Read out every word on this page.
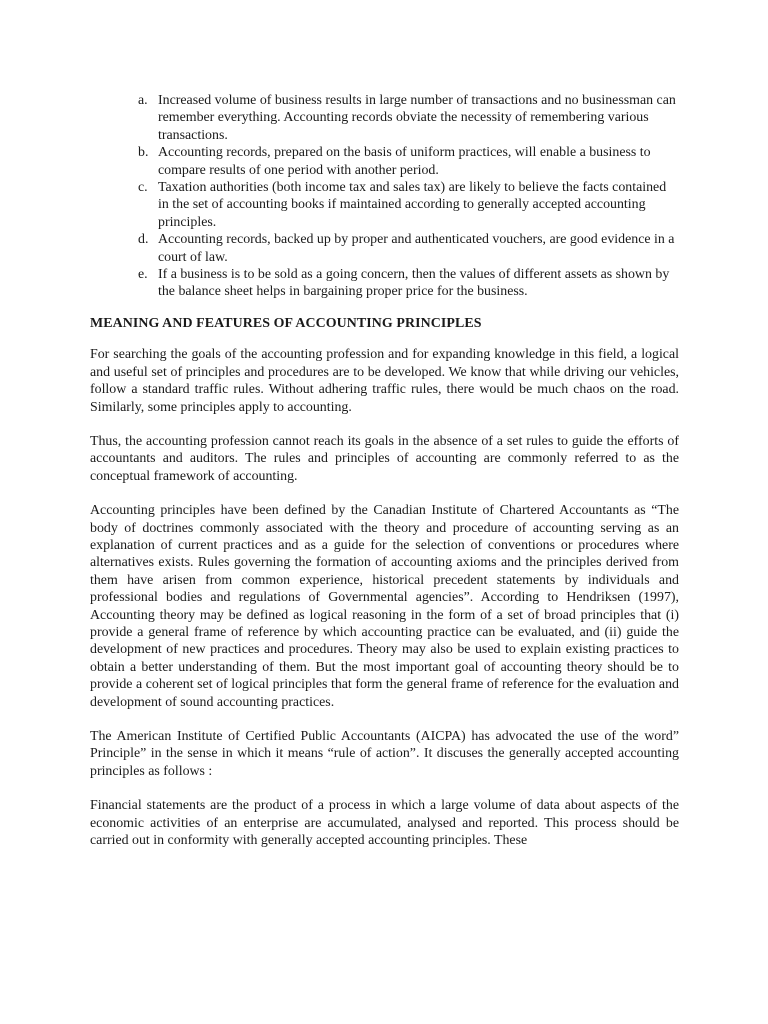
a. Increased volume of business results in large number of transactions and no businessman can remember everything. Accounting records obviate the necessity of remembering various transactions.
b. Accounting records, prepared on the basis of uniform practices, will enable a business to compare results of one period with another period.
c. Taxation authorities (both income tax and sales tax) are likely to believe the facts contained in the set of accounting books if maintained according to generally accepted accounting principles.
d. Accounting records, backed up by proper and authenticated vouchers, are good evidence in a court of law.
e. If a business is to be sold as a going concern, then the values of different assets as shown by the balance sheet helps in bargaining proper price for the business.
MEANING AND FEATURES OF ACCOUNTING PRINCIPLES

For searching the goals of the accounting profession and for expanding knowledge in this field, a logical and useful set of principles and procedures are to be developed. We know that while driving our vehicles, follow a standard traffic rules. Without adhering traffic rules, there would be much chaos on the road. Similarly, some principles apply to accounting.

Thus, the accounting profession cannot reach its goals in the absence of a set rules to guide the efforts of accountants and auditors. The rules and principles of accounting are commonly referred to as the conceptual framework of accounting.

Accounting principles have been defined by the Canadian Institute of Chartered Accountants as “The body of doctrines commonly associated with the theory and procedure of accounting serving as an explanation of current practices and as a guide for the selection of conventions or procedures where alternatives exists. Rules governing the formation of accounting axioms and the principles derived from them have arisen from common experience, historical precedent statements by individuals and professional bodies and regulations of Governmental agencies”. According to Hendriksen (1997), Accounting theory may be defined as logical reasoning in the form of a set of broad principles that (i) provide a general frame of reference by which accounting practice can be evaluated, and (ii) guide the development of new practices and procedures. Theory may also be used to explain existing practices to obtain a better understanding of them. But the most important goal of accounting theory should be to provide a coherent set of logical principles that form the general frame of reference for the evaluation and development of sound accounting practices.

The American Institute of Certified Public Accountants (AICPA) has advocated the use of the word” Principle” in the sense in which it means “rule of action”. It discuses the generally accepted accounting principles as follows :

Financial statements are the product of a process in which a large volume of data about aspects of the economic activities of an enterprise are accumulated, analysed and reported. This process should be carried out in conformity with generally accepted accounting principles. These
